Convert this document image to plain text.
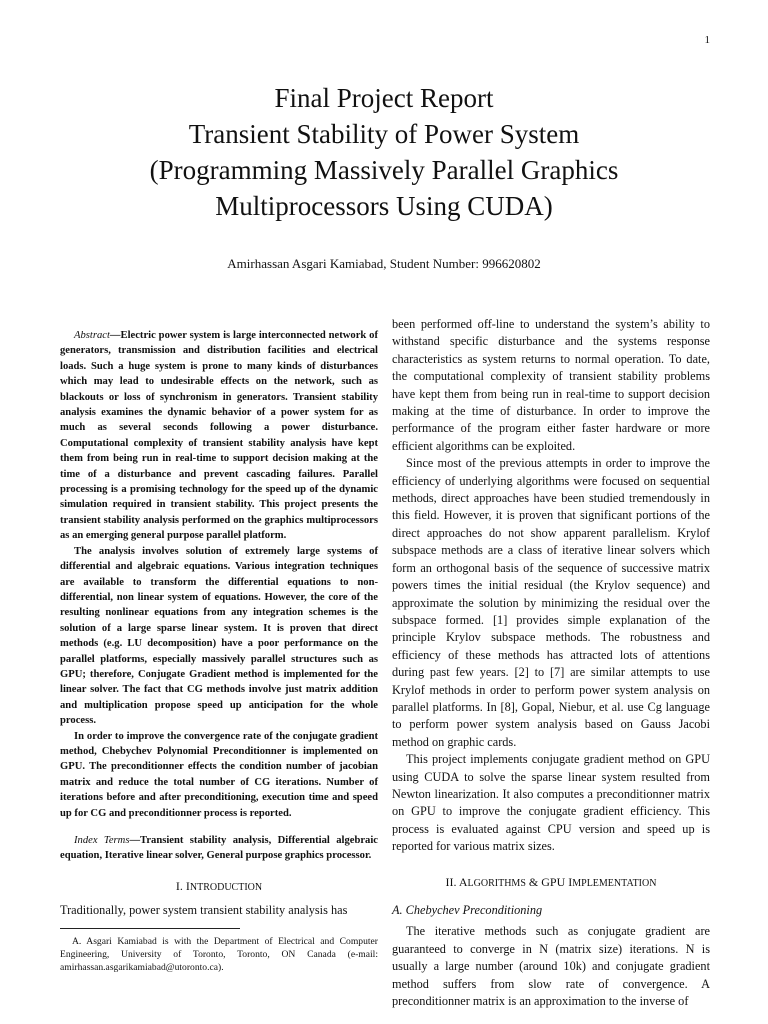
1
Final Project Report
Transient Stability of Power System
(Programming Massively Parallel Graphics
Multiprocessors Using CUDA)
Amirhassan Asgari Kamiabad, Student Number: 996620802

Abstract—Electric power system is large interconnected network of generators, transmission and distribution facilities and electrical loads. Such a huge system is prone to many kinds of disturbances which may lead to undesirable effects on the network, such as blackouts or loss of synchronism in generators. Transient stability analysis examines the dynamic behavior of a power system for as much as several seconds following a power disturbance. Computational complexity of transient stability analysis have kept them from being run in real-time to support decision making at the time of a disturbance and prevent cascading failures. Parallel processing is a promising technology for the speed up of the dynamic simulation required in transient stability. This project presents the transient stability analysis performed on the graphics multiprocessors as an emerging general purpose parallel platform.

The analysis involves solution of extremely large systems of differential and algebraic equations. Various integration techniques are available to transform the differential equations to non-differential, non linear system of equations. However, the core of the resulting nonlinear equations from any integration schemes is the solution of a large sparse linear system. It is proven that direct methods (e.g. LU decomposition) have a poor performance on the parallel platforms, especially massively parallel structures such as GPU; therefore, Conjugate Gradient method is implemented for the linear solver. The fact that CG methods involve just matrix addition and multiplication propose speed up anticipation for the whole process.

In order to improve the convergence rate of the conjugate gradient method, Chebychev Polynomial Preconditionner is implemented on GPU. The preconditionner effects the condition number of jacobian matrix and reduce the total number of CG iterations. Number of iterations before and after preconditioning, execution time and speed up for CG and preconditionner process is reported.

Index Terms—Transient stability analysis, Differential algebraic equation, Iterative linear solver, General purpose graphics processor.

I. INTRODUCTION

Traditionally, power system transient stability analysis has

A. Asgari Kamiabad is with the Department of Electrical and Computer Engineering, University of Toronto, Toronto, ON Canada (e-mail: amirhassan.asgarikamiabad@utoronto.ca).

been performed off-line to understand the system’s ability to withstand specific disturbance and the systems response characteristics as system returns to normal operation. To date, the computational complexity of transient stability problems have kept them from being run in real-time to support decision making at the time of disturbance. In order to improve the performance of the program either faster hardware or more efficient algorithms can be exploited.

Since most of the previous attempts in order to improve the efficiency of underlying algorithms were focused on sequential methods, direct approaches have been studied tremendously in this field. However, it is proven that significant portions of the direct approaches do not show apparent parallelism. Krylof subspace methods are a class of iterative linear solvers which form an orthogonal basis of the sequence of successive matrix powers times the initial residual (the Krylov sequence) and approximate the solution by minimizing the residual over the subspace formed. [1] provides simple explanation of the principle Krylov subspace methods. The robustness and efficiency of these methods has attracted lots of attentions during past few years. [2] to [7] are similar attempts to use Krylof methods in order to perform power system analysis on parallel platforms. In [8], Gopal, Niebur, et al. use Cg language to perform power system analysis based on Gauss Jacobi method on graphic cards.

This project implements conjugate gradient method on GPU using CUDA to solve the sparse linear system resulted from Newton linearization. It also computes a preconditionner matrix on GPU to improve the conjugate gradient efficiency. This process is evaluated against CPU version and speed up is reported for various matrix sizes.

II. ALGORITHMS & GPU IMPLEMENTATION
A. Chebychev Preconditioning

The iterative methods such as conjugate gradient are guaranteed to converge in N (matrix size) iterations. N is usually a large number (around 10k) and conjugate gradient method suffers from slow rate of convergence. A preconditionner matrix is an approximation to the inverse of
